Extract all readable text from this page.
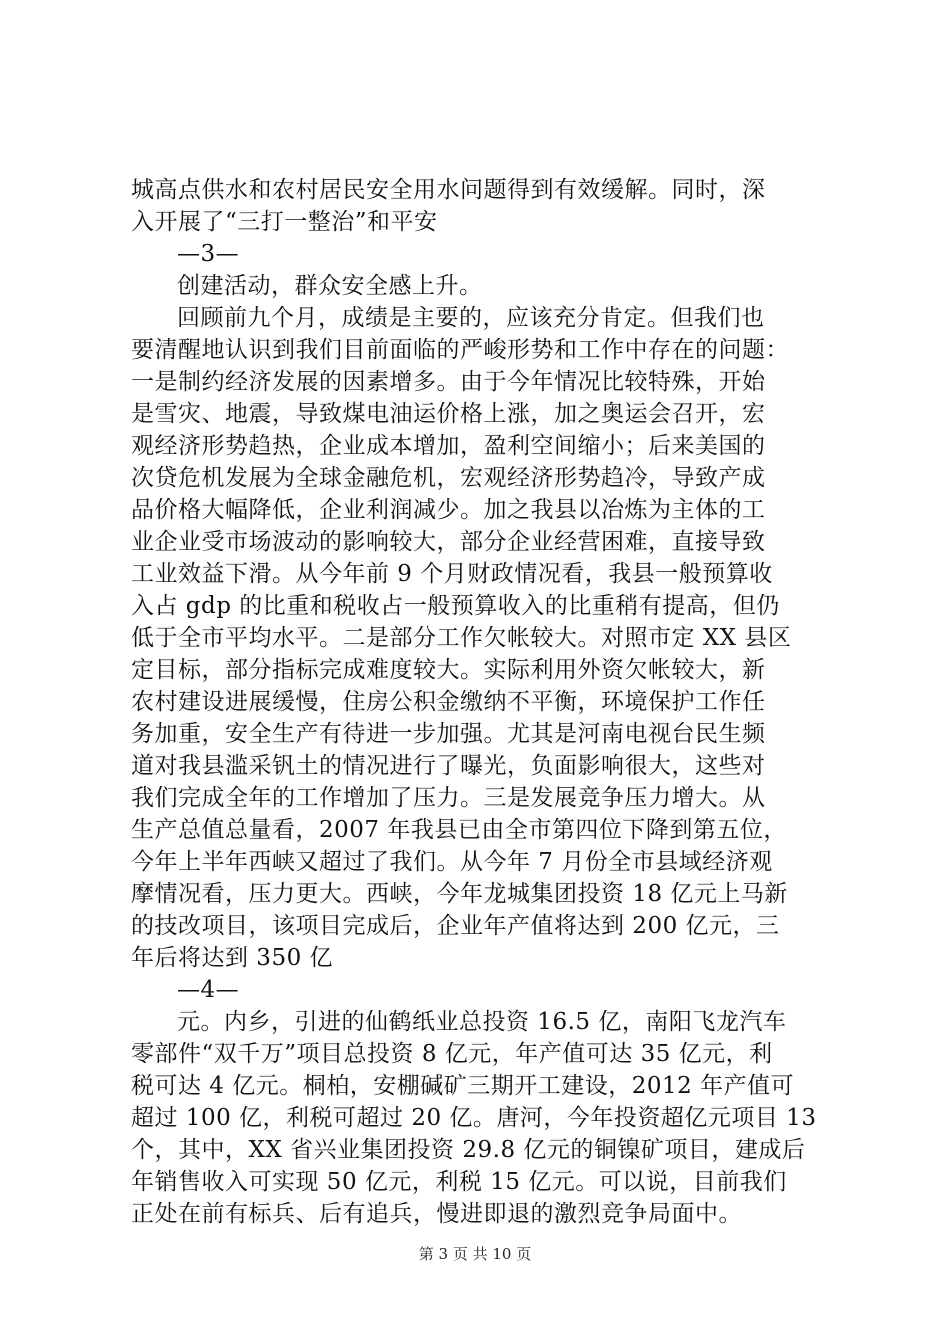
城高点供水和农村居民安全用水问题得到有效缓解。同时，深
入开展了“三打一整治”和平安
—3—
创建活动，群众安全感上升。
回顾前九个月，成绩是主要的，应该充分肯定。但我们也
要清醒地认识到我们目前面临的严峻形势和工作中存在的问题：
一是制约经济发展的因素增多。由于今年情况比较特殊，开始
是雪灾、地震，导致煤电油运价格上涨，加之奥运会召开，宏
观经济形势趋热，企业成本增加，盈利空间缩小；后来美国的
次贷危机发展为全球金融危机，宏观经济形势趋冷，导致产成
品价格大幅降低，企业利润减少。加之我县以冶炼为主体的工
业企业受市场波动的影响较大，部分企业经营困难，直接导致
工业效益下滑。从今年前 9 个月财政情况看，我县一般预算收
入占 gdp 的比重和税收占一般预算收入的比重稍有提高，但仍
低于全市平均水平。二是部分工作欠帐较大。对照市定 XX 县区
定目标，部分指标完成难度较大。实际利用外资欠帐较大，新
农村建设进展缓慢，住房公积金缴纳不平衡，环境保护工作任
务加重，安全生产有待进一步加强。尤其是河南电视台民生频
道对我县滥采钒土的情况进行了曝光，负面影响很大，这些对
我们完成全年的工作增加了压力。三是发展竞争压力增大。从
生产总值总量看，2007 年我县已由全市第四位下降到第五位，
今年上半年西峡又超过了我们。从今年 7 月份全市县域经济观
摩情况看，压力更大。西峡，今年龙城集团投资 18 亿元上马新
的技改项目，该项目完成后，企业年产值将达到 200 亿元，三
年后将达到 350 亿
—4—
元。内乡，引进的仙鹤纸业总投资 16.5 亿，南阳飞龙汽车
零部件“双千万”项目总投资 8 亿元，年产值可达 35 亿元，利
税可达 4 亿元。桐柏，安棚碱矿三期开工建设，2012 年产值可
超过 100 亿，利税可超过 20 亿。唐河，今年投资超亿元项目 13
个，其中，XX 省兴业集团投资 29.8 亿元的铜镍矿项目，建成后
年销售收入可实现 50 亿元，利税 15 亿元。可以说，目前我们
正处在前有标兵、后有追兵，慢进即退的激烈竞争局面中。
第 3 页 共 10 页
